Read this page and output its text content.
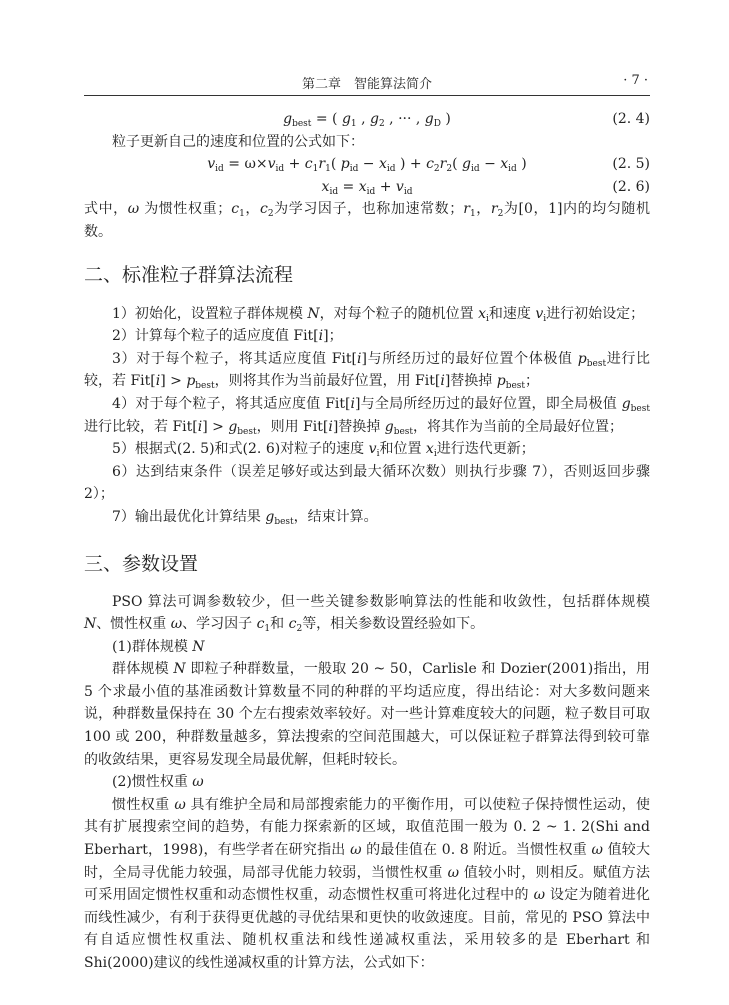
第二章　智能算法简介	· 7 ·
$g_{best}$ = ( $g_1$ , $g_2$ , ··· , $g_D$ )	(2. 4)
粒子更新自己的速度和位置的公式如下：
$v_{id} = \omega\times v_{id} + c_1r_1$( $p_{id} - x_{id}$ ) + $c_2r_2$( $g_{id} - x_{id}$ )	(2. 5)
$x_{id} = x_{id} + v_{id}$	(2. 6)
式中，ω 为惯性权重；$c_1$，$c_2$为学习因子，也称加速常数；$r_1$，$r_2$为[0，1]内的均匀随机数。
二、标准粒子群算法流程
1）初始化，设置粒子群体规模 N，对每个粒子的随机位置 $x_i$和速度 $v_i$进行初始设定；
2）计算每个粒子的适应度值 Fit[i]；
3）对于每个粒子，将其适应度值 Fit[i]与所经历过的最好位置个体极值 $p_{best}$进行比较，若 $Fit[i] > p_{best}$，则将其作为当前最好位置，用 Fit[i]替换掉 $p_{best}$；
4）对于每个粒子，将其适应度值 Fit[i]与全局所经历过的最好位置，即全局极值 $g_{best}$进行比较，若 $Fit[i] > g_{best}$，则用 Fit[i]替换掉 $g_{best}$，将其作为当前的全局最好位置；
5）根据式(2. 5)和式(2. 6)对粒子的速度 $v_i$和位置 $x_i$进行迭代更新；
6）达到结束条件（误差足够好或达到最大循环次数）则执行步骤 7），否则返回步骤 2）；
7）输出最优化计算结果 $g_{best}$，结束计算。
三、参数设置
PSO 算法可调参数较少，但一些关键参数影响算法的性能和收敛性，包括群体规模 N、惯性权重 ω、学习因子 $c_1$和 $c_2$等，相关参数设置经验如下。
(1)群体规模 N
群体规模 N 即粒子种群数量，一般取 20 ~ 50，Carlisle 和 Dozier(2001)指出，用 5 个求最小值的基准函数计算数量不同的种群的平均适应度，得出结论：对大多数问题来说，种群数量保持在 30 个左右搜索效率较好。对一些计算难度较大的问题，粒子数目可取 100 或 200，种群数量越多，算法搜索的空间范围越大，可以保证粒子群算法得到较可靠的收敛结果，更容易发现全局最优解，但耗时较长。
(2)惯性权重 ω
惯性权重 ω 具有维护全局和局部搜索能力的平衡作用，可以使粒子保持惯性运动，使其有扩展搜索空间的趋势，有能力探索新的区域，取值范围一般为 0. 2 ~ 1. 2(Shi and Eberhart，1998)，有些学者在研究指出 ω 的最佳值在 0. 8 附近。当惯性权重 ω 值较大时，全局寻优能力较强，局部寻优能力较弱，当惯性权重 ω 值较小时，则相反。赋值方法可采用固定惯性权重和动态惯性权重，动态惯性权重可将进化过程中的 ω 设定为随着进化而线性减少，有利于获得更优越的寻优结果和更快的收敛速度。目前，常见的 PSO 算法中有自适应惯性权重法、随机权重法和线性递减权重法，采用较多的是 Eberhart 和 Shi(2000)建议的线性递减权重的计算方法，公式如下：
